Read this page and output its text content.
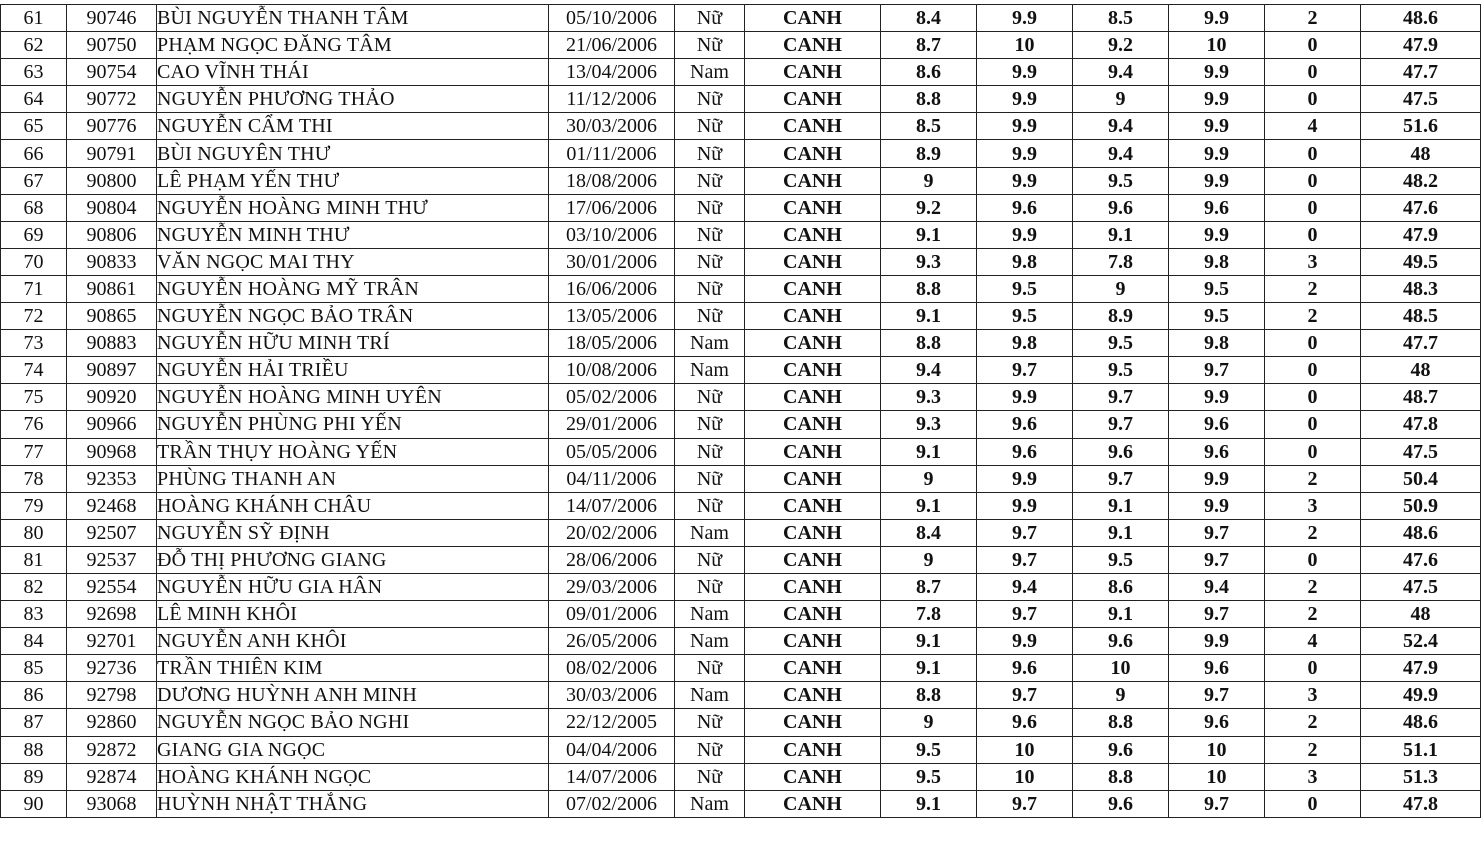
61	90746	BÙI NGUYỄN THANH TÂM	05/10/2006	Nữ	CANH	8.4	9.9	8.5	9.9	2	48.6
62	90750	PHẠM NGỌC ĐĂNG TÂM	21/06/2006	Nữ	CANH	8.7	10	9.2	10	0	47.9
63	90754	CAO VĨNH THÁI	13/04/2006	Nam	CANH	8.6	9.9	9.4	9.9	0	47.7
64	90772	NGUYỄN PHƯƠNG THẢO	11/12/2006	Nữ	CANH	8.8	9.9	9	9.9	0	47.5
65	90776	NGUYỄN CẨM THI	30/03/2006	Nữ	CANH	8.5	9.9	9.4	9.9	4	51.6
66	90791	BÙI NGUYÊN THƯ	01/11/2006	Nữ	CANH	8.9	9.9	9.4	9.9	0	48
67	90800	LÊ PHẠM YẾN THƯ	18/08/2006	Nữ	CANH	9	9.9	9.5	9.9	0	48.2
68	90804	NGUYỄN HOÀNG MINH THƯ	17/06/2006	Nữ	CANH	9.2	9.6	9.6	9.6	0	47.6
69	90806	NGUYỄN MINH THƯ	03/10/2006	Nữ	CANH	9.1	9.9	9.1	9.9	0	47.9
70	90833	VĂN NGỌC MAI THY	30/01/2006	Nữ	CANH	9.3	9.8	7.8	9.8	3	49.5
71	90861	NGUYỄN HOÀNG MỸ TRÂN	16/06/2006	Nữ	CANH	8.8	9.5	9	9.5	2	48.3
72	90865	NGUYỄN NGỌC BẢO TRÂN	13/05/2006	Nữ	CANH	9.1	9.5	8.9	9.5	2	48.5
73	90883	NGUYỄN HỮU MINH TRÍ	18/05/2006	Nam	CANH	8.8	9.8	9.5	9.8	0	47.7
74	90897	NGUYỄN HẢI TRIỀU	10/08/2006	Nam	CANH	9.4	9.7	9.5	9.7	0	48
75	90920	NGUYỄN HOÀNG MINH UYÊN	05/02/2006	Nữ	CANH	9.3	9.9	9.7	9.9	0	48.7
76	90966	NGUYỄN PHÙNG PHI YẾN	29/01/2006	Nữ	CANH	9.3	9.6	9.7	9.6	0	47.8
77	90968	TRẦN THỤY HOÀNG YẾN	05/05/2006	Nữ	CANH	9.1	9.6	9.6	9.6	0	47.5
78	92353	PHÙNG THANH AN	04/11/2006	Nữ	CANH	9	9.9	9.7	9.9	2	50.4
79	92468	HOÀNG KHÁNH CHÂU	14/07/2006	Nữ	CANH	9.1	9.9	9.1	9.9	3	50.9
80	92507	NGUYỄN SỸ ĐỊNH	20/02/2006	Nam	CANH	8.4	9.7	9.1	9.7	2	48.6
81	92537	ĐỖ THỊ PHƯƠNG GIANG	28/06/2006	Nữ	CANH	9	9.7	9.5	9.7	0	47.6
82	92554	NGUYỄN HỮU GIA HÂN	29/03/2006	Nữ	CANH	8.7	9.4	8.6	9.4	2	47.5
83	92698	LÊ MINH KHÔI	09/01/2006	Nam	CANH	7.8	9.7	9.1	9.7	2	48
84	92701	NGUYỄN ANH KHÔI	26/05/2006	Nam	CANH	9.1	9.9	9.6	9.9	4	52.4
85	92736	TRẦN THIÊN KIM	08/02/2006	Nữ	CANH	9.1	9.6	10	9.6	0	47.9
86	92798	DƯƠNG HUỲNH ANH MINH	30/03/2006	Nam	CANH	8.8	9.7	9	9.7	3	49.9
87	92860	NGUYỄN NGỌC BẢO NGHI	22/12/2005	Nữ	CANH	9	9.6	8.8	9.6	2	48.6
88	92872	GIANG GIA NGỌC	04/04/2006	Nữ	CANH	9.5	10	9.6	10	2	51.1
89	92874	HOÀNG KHÁNH NGỌC	14/07/2006	Nữ	CANH	9.5	10	8.8	10	3	51.3
90	93068	HUỲNH NHẬT THẮNG	07/02/2006	Nam	CANH	9.1	9.7	9.6	9.7	0	47.8
